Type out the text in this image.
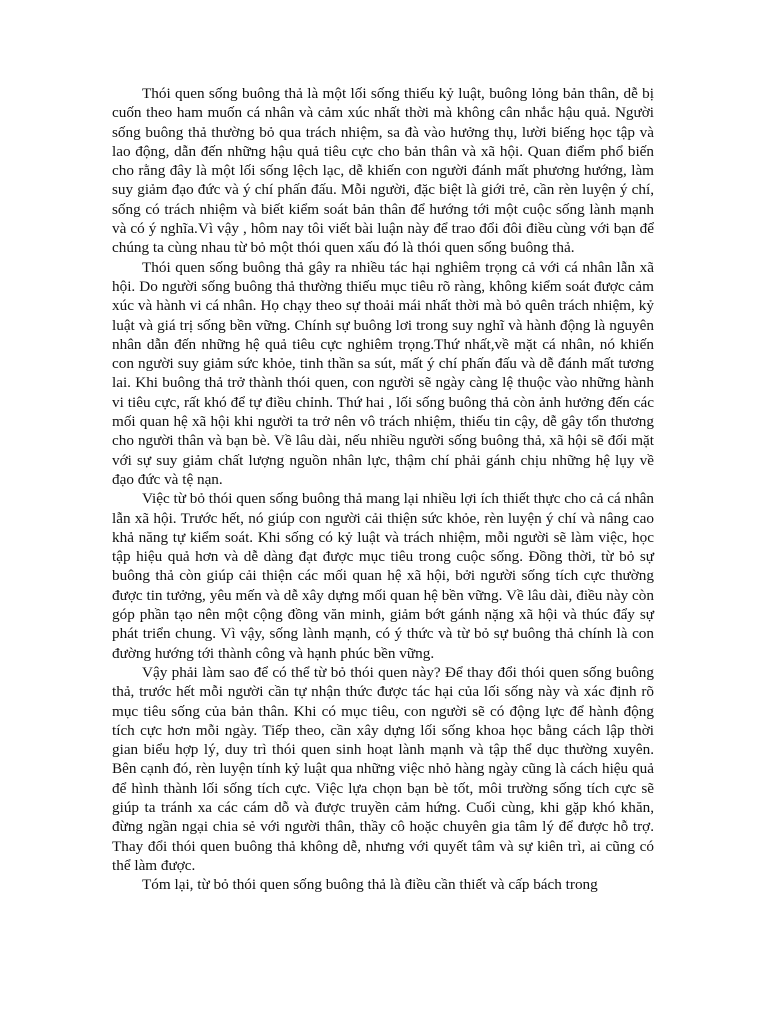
Thói quen sống buông thả là một lối sống thiếu kỷ luật, buông lỏng bản thân, dễ bị cuốn theo ham muốn cá nhân và cảm xúc nhất thời mà không cân nhắc hậu quả. Người sống buông thả thường bỏ qua trách nhiệm, sa đà vào hưởng thụ, lười biếng học tập và lao động, dẫn đến những hậu quả tiêu cực cho bản thân và xã hội. Quan điểm phổ biến cho rằng đây là một lối sống lệch lạc, dễ khiến con người đánh mất phương hướng, làm suy giảm đạo đức và ý chí phấn đấu. Mỗi người, đặc biệt là giới trẻ, cần rèn luyện ý chí, sống có trách nhiệm và biết kiểm soát bản thân để hướng tới một cuộc sống lành mạnh và có ý nghĩa.Vì vậy , hôm nay tôi viết bài luận này để trao đổi đôi điều cùng với bạn để chúng ta cùng nhau từ bỏ một thói quen xấu đó là thói quen sống buông thả.

Thói quen sống buông thả gây ra nhiều tác hại nghiêm trọng cả với cá nhân lẫn xã hội. Do người sống buông thả thường thiếu mục tiêu rõ ràng, không kiểm soát được cảm xúc và hành vi cá nhân. Họ chạy theo sự thoải mái nhất thời mà bỏ quên trách nhiệm, kỷ luật và giá trị sống bền vững. Chính sự buông lơi trong suy nghĩ và hành động là nguyên nhân dẫn đến những hệ quả tiêu cực nghiêm trọng.Thứ nhất,về mặt cá nhân, nó khiến con người suy giảm sức khỏe, tinh thần sa sút, mất ý chí phấn đấu và dễ đánh mất tương lai. Khi buông thả trở thành thói quen, con người sẽ ngày càng lệ thuộc vào những hành vi tiêu cực, rất khó để tự điều chỉnh. Thứ hai , lối sống buông thả còn ảnh hưởng đến các mối quan hệ xã hội khi người ta trở nên vô trách nhiệm, thiếu tin cậy, dễ gây tổn thương cho người thân và bạn bè. Về lâu dài, nếu nhiều người sống buông thả, xã hội sẽ đối mặt với sự suy giảm chất lượng nguồn nhân lực, thậm chí phải gánh chịu những hệ lụy về đạo đức và tệ nạn.

Việc từ bỏ thói quen sống buông thả mang lại nhiều lợi ích thiết thực cho cả cá nhân lẫn xã hội. Trước hết, nó giúp con người cải thiện sức khỏe, rèn luyện ý chí và nâng cao khả năng tự kiểm soát. Khi sống có kỷ luật và trách nhiệm, mỗi người sẽ làm việc, học tập hiệu quả hơn và dễ dàng đạt được mục tiêu trong cuộc sống. Đồng thời, từ bỏ sự buông thả còn giúp cải thiện các mối quan hệ xã hội, bởi người sống tích cực thường được tin tưởng, yêu mến và dễ xây dựng mối quan hệ bền vững. Về lâu dài, điều này còn góp phần tạo nên một cộng đồng văn minh, giảm bớt gánh nặng xã hội và thúc đẩy sự phát triển chung. Vì vậy, sống lành mạnh, có ý thức và từ bỏ sự buông thả chính là con đường hướng tới thành công và hạnh phúc bền vững.

Vậy phải làm sao để có thể từ bỏ thói quen này? Để thay đổi thói quen sống buông thả, trước hết mỗi người cần tự nhận thức được tác hại của lối sống này và xác định rõ mục tiêu sống của bản thân. Khi có mục tiêu, con người sẽ có động lực để hành động tích cực hơn mỗi ngày. Tiếp theo, cần xây dựng lối sống khoa học bằng cách lập thời gian biểu hợp lý, duy trì thói quen sinh hoạt lành mạnh và tập thể dục thường xuyên. Bên cạnh đó, rèn luyện tính kỷ luật qua những việc nhỏ hàng ngày cũng là cách hiệu quả để hình thành lối sống tích cực. Việc lựa chọn bạn bè tốt, môi trường sống tích cực sẽ giúp ta tránh xa các cám dỗ và được truyền cảm hứng. Cuối cùng, khi gặp khó khăn, đừng ngần ngại chia sẻ với người thân, thầy cô hoặc chuyên gia tâm lý để được hỗ trợ. Thay đổi thói quen buông thả không dễ, nhưng với quyết tâm và sự kiên trì, ai cũng có thể làm được.

Tóm lại, từ bỏ thói quen sống buông thả là điều cần thiết và cấp bách trong
